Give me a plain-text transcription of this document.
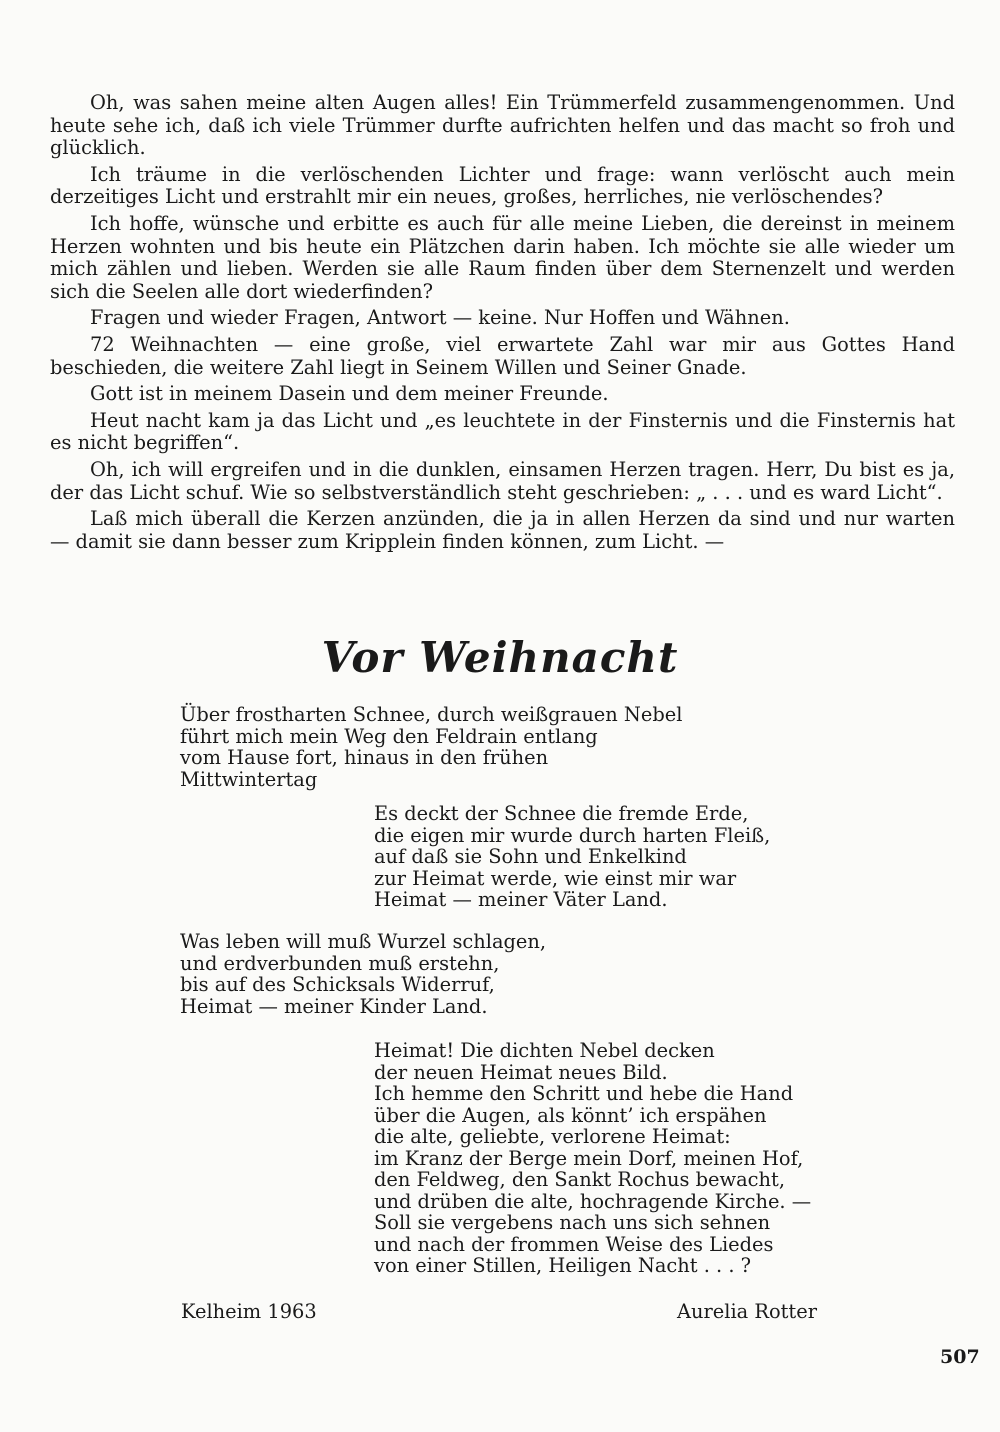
Oh, was sahen meine alten Augen alles! Ein Trümmerfeld zusammengenommen. Und heute sehe ich, daß ich viele Trümmer durfte aufrichten helfen und das macht so froh und glücklich.

Ich träume in die verlöschenden Lichter und frage: wann verlöscht auch mein derzeitiges Licht und erstrahlt mir ein neues, großes, herrliches, nie verlöschendes?

Ich hoffe, wünsche und erbitte es auch für alle meine Lieben, die dereinst in meinem Herzen wohnten und bis heute ein Plätzchen darin haben. Ich möchte sie alle wieder um mich zählen und lieben. Werden sie alle Raum finden über dem Sternenzelt und werden sich die Seelen alle dort wiederfinden?

Fragen und wieder Fragen, Antwort — keine. Nur Hoffen und Wähnen.

72 Weihnachten — eine große, viel erwartete Zahl war mir aus Gottes Hand beschieden, die weitere Zahl liegt in Seinem Willen und Seiner Gnade.

Gott ist in meinem Dasein und dem meiner Freunde.

Heut nacht kam ja das Licht und „es leuchtete in der Finsternis und die Finsternis hat es nicht begriffen“.

Oh, ich will ergreifen und in die dunklen, einsamen Herzen tragen. Herr, Du bist es ja, der das Licht schuf. Wie so selbstverständlich steht geschrieben: „ . . . und es ward Licht“.

Laß mich überall die Kerzen anzünden, die ja in allen Herzen da sind und nur warten — damit sie dann besser zum Kripplein finden können, zum Licht. —

Vor Weihnacht
Über frostharten Schnee, durch weißgrauen Nebel
führt mich mein Weg den Feldrain entlang
vom Hause fort, hinaus in den frühen
Mittwintertag
Es deckt der Schnee die fremde Erde,
die eigen mir wurde durch harten Fleiß,
auf daß sie Sohn und Enkelkind
zur Heimat werde, wie einst mir war
Heimat — meiner Väter Land.
Was leben will muß Wurzel schlagen,
und erdverbunden muß erstehn,
bis auf des Schicksals Widerruf,
Heimat — meiner Kinder Land.
Heimat! Die dichten Nebel decken
der neuen Heimat neues Bild.
Ich hemme den Schritt und hebe die Hand
über die Augen, als könnt’ ich erspähen
die alte, geliebte, verlorene Heimat:
im Kranz der Berge mein Dorf, meinen Hof,
den Feldweg, den Sankt Rochus bewacht,
und drüben die alte, hochragende Kirche. —
Soll sie vergebens nach uns sich sehnen
und nach der frommen Weise des Liedes
von einer Stillen, Heiligen Nacht . . . ?
Kelheim 1963	Aurelia Rotter
507
